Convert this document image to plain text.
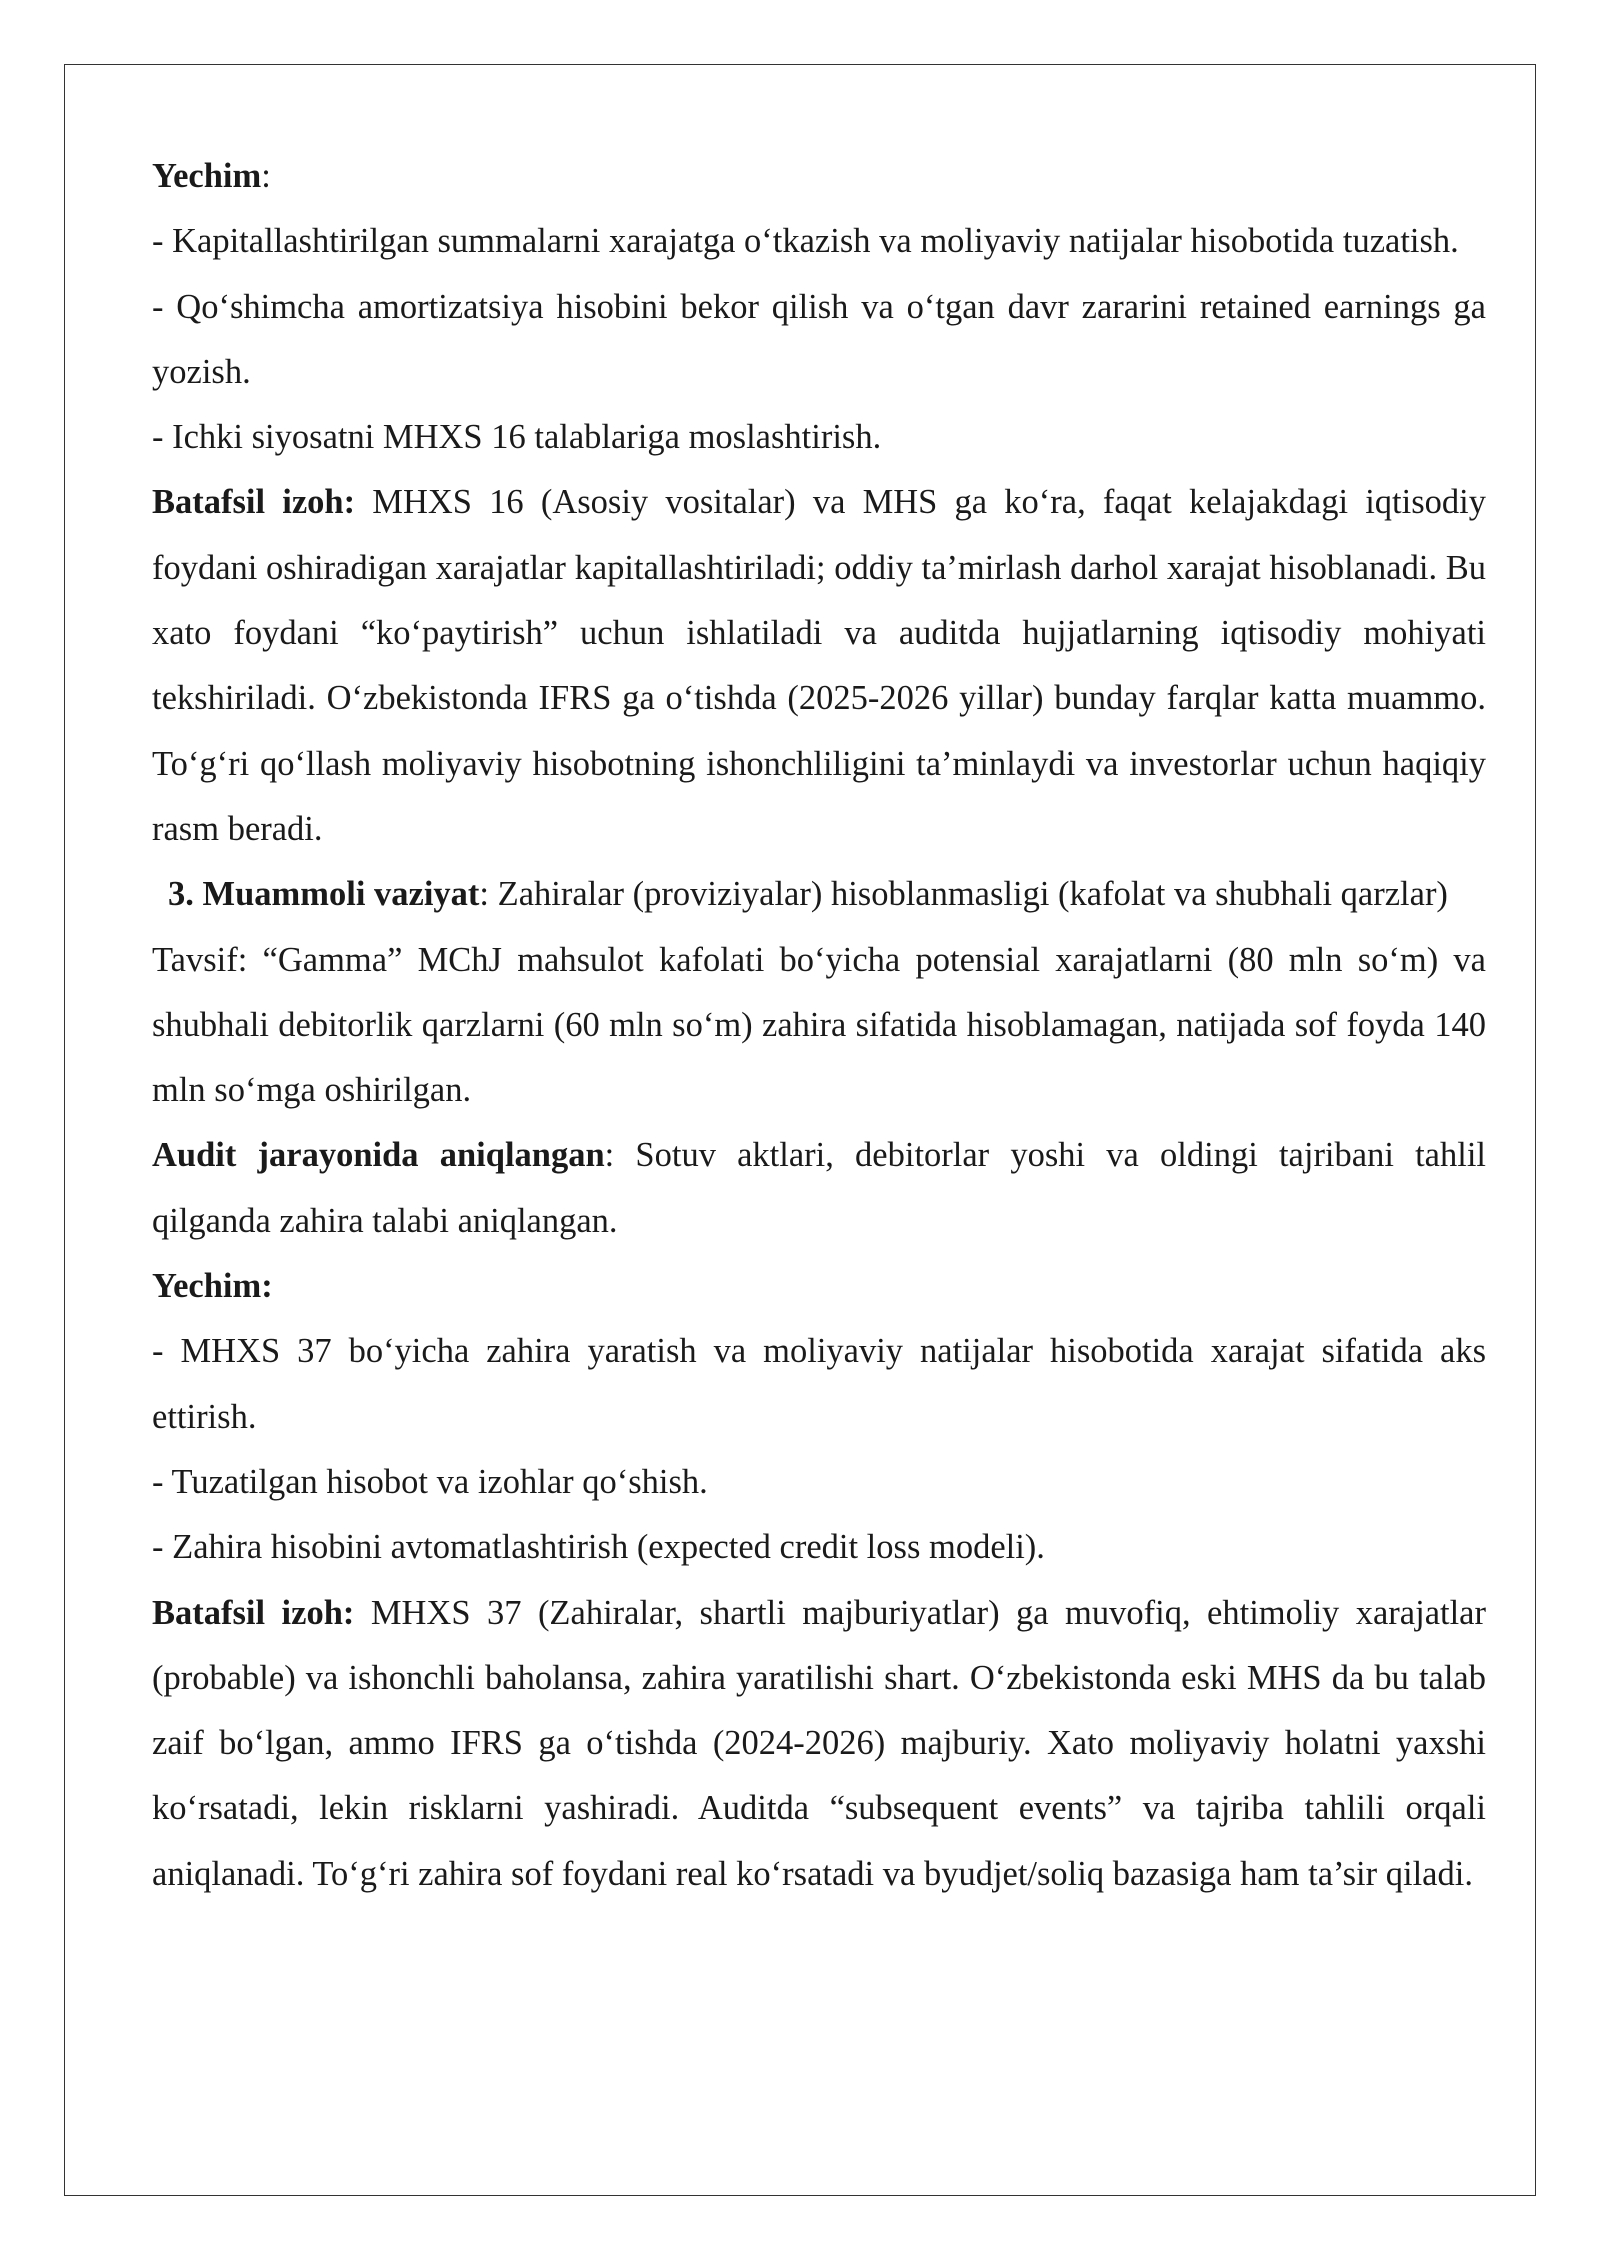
Yechim:

- Kapitallashtirilgan summalarni xarajatga o‘tkazish va moliyaviy natijalar hisobotida tuzatish.

- Qo‘shimcha amortizatsiya hisobini bekor qilish va o‘tgan davr zararini retained earnings ga yozish.

- Ichki siyosatni MHXS 16 talablariga moslashtirish.

Batafsil izoh: MHXS 16 (Asosiy vositalar) va MHS ga ko‘ra, faqat kelajakdagi iqtisodiy foydani oshiradigan xarajatlar kapitallashtiriladi; oddiy ta’mirlash darhol xarajat hisoblanadi. Bu xato foydani “ko‘paytirish” uchun ishlatiladi va auditda hujjatlarning iqtisodiy mohiyati tekshiriladi. O‘zbekistonda IFRS ga o‘tishda (2025-2026 yillar) bunday farqlar katta muammo. To‘g‘ri qo‘llash moliyaviy hisobotning ishonchliligini ta’minlaydi va investorlar uchun haqiqiy rasm beradi.

3. Muammoli vaziyat: Zahiralar (proviziyalar) hisoblanmasligi (kafolat va shubhali qarzlar)

Tavsif: “Gamma” MChJ mahsulot kafolati bo‘yicha potensial xarajatlarni (80 mln so‘m) va shubhali debitorlik qarzlarni (60 mln so‘m) zahira sifatida hisoblamagan, natijada sof foyda 140 mln so‘mga oshirilgan.

Audit jarayonida aniqlangan: Sotuv aktlari, debitorlar yoshi va oldingi tajribani tahlil qilganda zahira talabi aniqlangan.

Yechim:

- MHXS 37 bo‘yicha zahira yaratish va moliyaviy natijalar hisobotida xarajat sifatida aks ettirish.

- Tuzatilgan hisobot va izohlar qo‘shish.

- Zahira hisobini avtomatlashtirish (expected credit loss modeli).

Batafsil izoh: MHXS 37 (Zahiralar, shartli majburiyatlar) ga muvofiq, ehtimoliy xarajatlar (probable) va ishonchli baholansa, zahira yaratilishi shart. O‘zbekistonda eski MHS da bu talab zaif bo‘lgan, ammo IFRS ga o‘tishda (2024-2026) majburiy. Xato moliyaviy holatni yaxshi ko‘rsatadi, lekin risklarni yashiradi. Auditda “subsequent events” va tajriba tahlili orqali aniqlanadi. To‘g‘ri zahira sof foydani real ko‘rsatadi va byudjet/soliq bazasiga ham ta’sir qiladi.
